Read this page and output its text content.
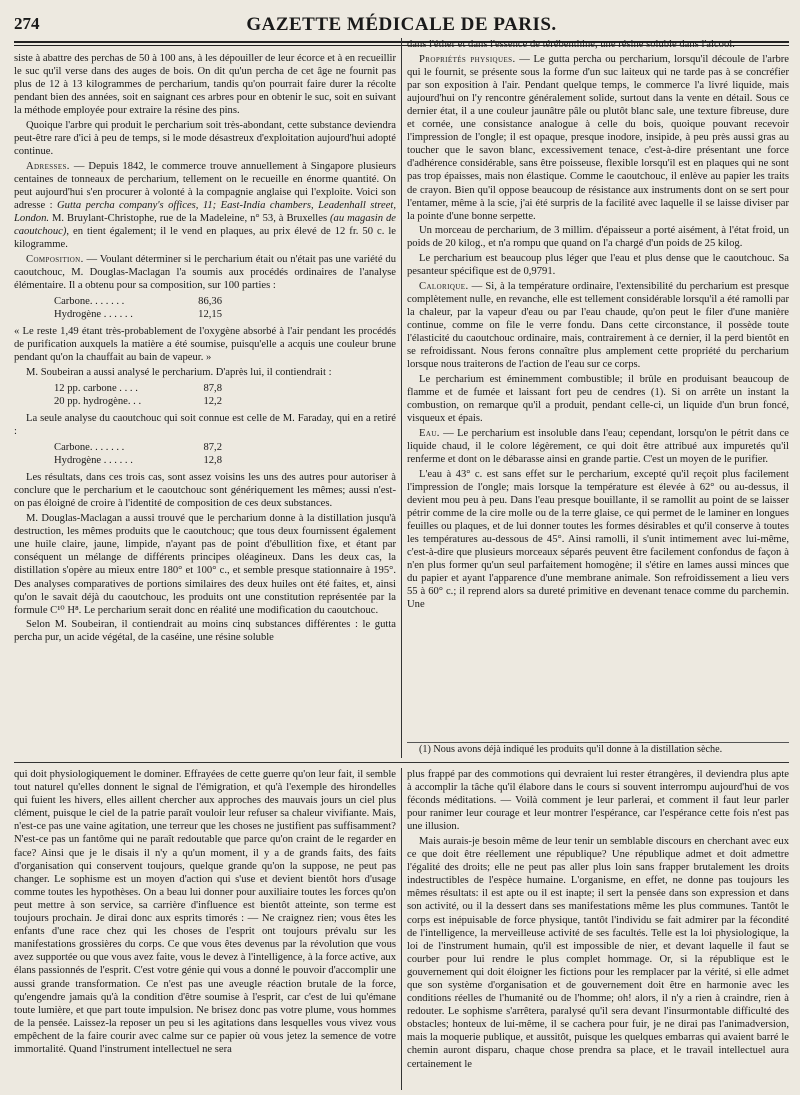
274	GAZETTE MÉDICALE DE PARIS.

siste à abattre des perchas de 50 à 100 ans, à les dépouiller de leur écorce et à en recueillir le suc qu'il verse dans des auges de bois. On dit qu'un percha de cet âge ne fournit pas plus de 12 à 13 kilogrammes de percharium, tandis qu'on pourrait faire durer la récolte pendant bien des années, soit en saignant ces arbres pour en obtenir le suc, soit en suivant la méthode employée pour extraire la résine des pins.

Quoique l'arbre qui produit le percharium soit très-abondant, cette substance deviendra peut-être rare d'ici à peu de temps, si le mode désastreux d'exploitation aujourd'hui adopté continue.

Adresses. — Depuis 1842, le commerce trouve annuellement à Singapore plusieurs centaines de tonneaux de percharium, tellement on le recueille en énorme quantité. On peut aujourd'hui s'en procurer à volonté à la compagnie anglaise qui l'exploite. Voici son adresse : Gutta percha company's offices, 11; East-India chambers, Leadenhall street, London. M. Bruylant-Christophe, rue de la Madeleine, n° 53, à Bruxelles (au magasin de caoutchouc), en tient également; il le vend en plaques, au prix élevé de 12 fr. 50 c. le kilogramme.

Composition. — Voulant déterminer si le percharium était ou n'était pas une variété du caoutchouc, M. Douglas-Maclagan l'a soumis aux procédés ordinaires de l'analyse élémentaire. Il a obtenu pour sa composition, sur 100 parties :

Carbone. . . . . . .	86,36
Hydrogène . . . . . .	12,15

« Le reste 1,49 étant très-probablement de l'oxygène absorbé à l'air pendant les procédés de purification auxquels la matière a été soumise, puisqu'elle a acquis une couleur brune pendant qu'on la chauffait au bain de vapeur. »

M. Soubeiran a aussi analysé le percharium. D'après lui, il contiendrait :

12 pp. carbone . . . .	87,8
20 pp. hydrogène. . .	12,2

La seule analyse du caoutchouc qui soit connue est celle de M. Faraday, qui en a retiré :

Carbone. . . . . . .	87,2
Hydrogène . . . . . .	12,8

Les résultats, dans ces trois cas, sont assez voisins les uns des autres pour autoriser à conclure que le percharium et le caoutchouc sont génériquement les mêmes; aussi n'est-on pas éloigné de croire à l'identité de composition de ces deux substances.

M. Douglas-Maclagan a aussi trouvé que le percharium donne à la distillation jusqu'à destruction, les mêmes produits que le caoutchouc; que tous deux fournissent également une huile claire, jaune, limpide, n'ayant pas de point d'ébullition fixe, et étant par conséquent un mélange de différents principes oléagineux. Dans les deux cas, la distillation s'opère au mieux entre 180° et 100° c., et semble presque stationnaire à 195°. Des analyses comparatives de portions similaires des deux huiles ont été faites, et, ainsi qu'on le savait déjà du caoutchouc, les produits ont une constitution représentée par la formule C¹⁰ H⁸. Le percharium serait donc en réalité une modification du caoutchouc.

Selon M. Soubeiran, il contiendrait au moins cinq substances différentes : le gutta percha pur, un acide végétal, de la caséine, une résine soluble

dans l'éther et dans l'essence de térébenthine, une résine soluble dans l'alcool.

Propriétés physiques. — Le gutta percha ou percharium, lorsqu'il découle de l'arbre qui le fournit, se présente sous la forme d'un suc laiteux qui ne tarde pas à se concréfier par son exposition à l'air. Pendant quelque temps, le commerce l'a livré liquide, mais aujourd'hui on l'y rencontre généralement solide, surtout dans la vente en détail. Sous ce dernier état, il a une couleur jaunâtre pâle ou plutôt blanc sale, une texture fibreuse, dure et cornée, une consistance analogue à celle du bois, quoique pouvant recevoir l'impression de l'ongle; il est opaque, presque inodore, insipide, à peu près aussi gras au toucher que le savon blanc, excessivement tenace, c'est-à-dire présentant une force d'adhérence considérable, sans être poisseuse, flexible lorsqu'il est en plaques qui ne sont pas trop épaisses, mais non élastique. Comme le caoutchouc, il enlève au papier les traits de crayon. Bien qu'il oppose beaucoup de résistance aux instruments dont on se sert pour l'entamer, même à la scie, j'ai été surpris de la facilité avec laquelle il se laisse diviser par la pointe d'une bonne serpette.

Un morceau de percharium, de 3 millim. d'épaisseur a porté aisément, à l'état froid, un poids de 20 kilog., et n'a rompu que quand on l'a chargé d'un poids de 25 kilog.

Le percharium est beaucoup plus léger que l'eau et plus dense que le caoutchouc. Sa pesanteur spécifique est de 0,9791.

Calorique. — Si, à la température ordinaire, l'extensibilité du percharium est presque complètement nulle, en revanche, elle est tellement considérable lorsqu'il a été ramolli par la chaleur, par la vapeur d'eau ou par l'eau chaude, qu'on peut le filer d'une manière continue, comme on file le verre fondu. Dans cette circonstance, il possède toute l'élasticité du caoutchouc ordinaire, mais, contrairement à ce dernier, il la perd bientôt en se refroidissant. Nous ferons connaître plus amplement cette propriété du percharium lorsque nous traiterons de l'action de l'eau sur ce corps.

Le percharium est éminemment combustible; il brûle en produisant beaucoup de flamme et de fumée et laissant fort peu de cendres (1). Si on arrête un instant la combustion, on remarque qu'il a produit, pendant celle-ci, un liquide d'un brun foncé, visqueux et épais.

Eau. — Le percharium est insoluble dans l'eau; cependant, lorsqu'on le pétrit dans ce liquide chaud, il le colore légèrement, ce qui doit être attribué aux impuretés qu'il renferme et dont on le débarasse ainsi en grande partie. C'est un moyen de le purifier.

L'eau à 43° c. est sans effet sur le percharium, excepté qu'il reçoit plus facilement l'impression de l'ongle; mais lorsque la température est élevée à 62° ou au-dessus, il devient mou peu à peu. Dans l'eau presque bouillante, il se ramollit au point de se laisser pétrir comme de la cire molle ou de la terre glaise, ce qui permet de le laminer en longues feuilles ou plaques, et de lui donner toutes les formes désirables et qu'il conserve à toutes les températures au-dessous de 45°. Ainsi ramolli, il s'unit intimement avec lui-même, c'est-à-dire que plusieurs morceaux séparés peuvent être facilement confondus de façon à n'en plus former qu'un seul parfaitement homogène; il s'étire en lames aussi minces que du papier et ayant l'apparence d'une membrane animale. Son refroidissement a lieu vers 55 à 60° c.; il reprend alors sa dureté primitive en devenant tenace comme du parchemin. Une

(1) Nous avons déjà indiqué les produits qu'il donne à la distillation sèche.

qui doit physiologiquement le dominer. Effrayées de cette guerre qu'on leur fait, il semble tout naturel qu'elles donnent le signal de l'émigration, et qu'à l'exemple des hirondelles qui fuient les hivers, elles aillent chercher aux approches des mauvais jours un ciel plus clément, puisque le ciel de la patrie paraît vouloir leur refuser sa chaleur vivifiante. Mais, n'est-ce pas une vaine agitation, une terreur que les choses ne justifient pas suffisamment? N'est-ce pas un fantôme qui ne paraît redoutable que parce qu'on craint de le regarder en face? Ainsi que je le disais il n'y a qu'un moment, il y a de grands faits, des faits d'organisation qui conservent toujours, quelque grande qu'on la suppose, ne peut pas changer. Le sophisme est un moyen d'action qui s'use et devient bientôt hors d'usage comme toutes les hypothèses. On a beau lui donner pour auxiliaire toutes les forces qu'on peut mettre à son service, sa carrière d'influence est bientôt atteinte, son terme est toujours prochain. Je dirai donc aux esprits timorés : — Ne craignez rien; vous êtes les enfants d'une race chez qui les choses de l'esprit ont toujours prévalu sur les manifestations grossières du corps. Ce que vous êtes devenus par la révolution que vous avez supportée ou que vous avez faite, vous le devez à l'intelligence, à la force active, aux élans passionnés de l'esprit. C'est votre génie qui vous a donné le pouvoir d'accomplir une aussi grande transformation. Ce n'est pas une aveugle réaction brutale de la force, qu'engendre jamais qu'à la condition d'être soumise à l'esprit, car c'est de lui qu'émane toute lumière, et que part toute impulsion. Ne brisez donc pas votre plume, vous hommes de la pensée. Laissez-la reposer un peu si les agitations dans lesquelles vous vivez vous empêchent de la faire courir avec calme sur ce papier où vous jetez la semence de votre immortalité. Quand l'instrument intellectuel ne sera

plus frappé par des commotions qui devraient lui rester étrangères, il deviendra plus apte à accomplir la tâche qu'il élabore dans le cours si souvent interrompu aujourd'hui de vos féconds méditations. — Voilà comment je leur parlerai, et comment il faut leur parler pour ranimer leur courage et leur montrer l'espérance, car l'espérance cette fois n'est pas une illusion.

Mais aurais-je besoin même de leur tenir un semblable discours en cherchant avec eux ce que doit être réellement une république? Une république admet et doit admettre l'égalité des droits; elle ne peut pas aller plus loin sans frapper brutalement les droits indestructibles de l'espèce humaine. L'organisme, en effet, ne donne pas toujours les mêmes résultats: il est apte ou il est inapte; il sert la pensée dans son expression et dans son activité, ou il la dessert dans ses manifestations même les plus communes. Tantôt le corps est inépuisable de force physique, tantôt l'individu se fait admirer par la fécondité de l'intelligence, la merveilleuse activité de ses facultés. Telle est la loi physiologique, la loi de l'instrument humain, qu'il est impossible de nier, et devant laquelle il faut se courber pour lui rendre le plus complet hommage. Or, si la république est le gouvernement qui doit éloigner les fictions pour les remplacer par la vérité, si elle admet que son système d'organisation et de gouvernement doit être en harmonie avec les conditions réelles de l'humanité ou de l'homme; oh! alors, il n'y a rien à craindre, rien à redouter. Le sophisme s'arrêtera, paralysé qu'il sera devant l'insurmontable difficulté des obstacles; honteux de lui-même, il se cachera pour fuir, je ne dirai pas l'animadversion, mais la moquerie publique, et aussitôt, puisque les quelques embarras qui avaient barré le chemin auront disparu, chaque chose prendra sa place, et le travail intellectuel aura certainement le
